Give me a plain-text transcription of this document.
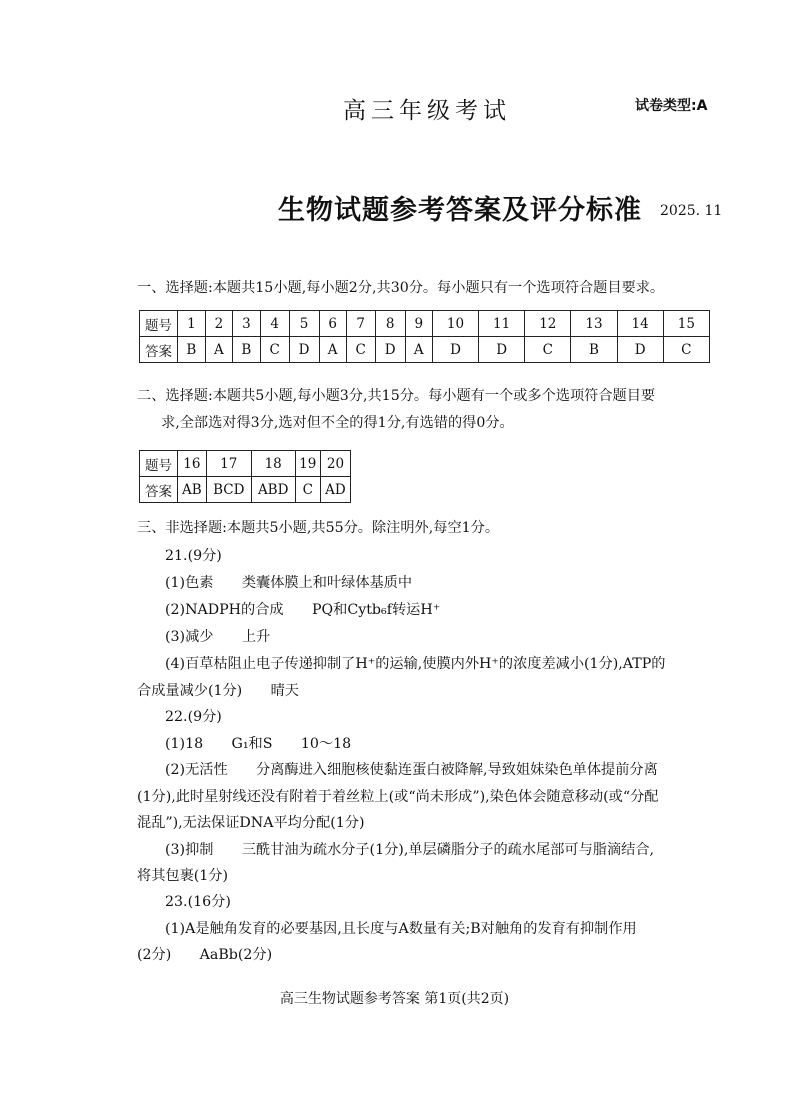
高三年级考试	试卷类型:A
生物试题参考答案及评分标准 2025. 11
一、选择题:本题共15小题,每小题2分,共30分。每小题只有一个选项符合题目要求。
题号	1	2	3	4	5	6	7	8	9	10	11	12	13	14	15
答案	B	A	B	C	D	A	C	D	A	D	D	C	B	D	C
二、选择题:本题共5小题,每小题3分,共15分。每小题有一个或多个选项符合题目要
求,全部选对得3分,选对但不全的得1分,有选错的得0分。
题号	16	17	18	19	20
答案	AB	BCD	ABD	C	AD
三、非选择题:本题共5小题,共55分。除注明外,每空1分。
21.(9分)
(1)色素　　类囊体膜上和叶绿体基质中
(2)NADPH的合成　　PQ和Cytb₆f转运H⁺
(3)减少　　上升
(4)百草枯阻止电子传递抑制了H⁺的运输,使膜内外H⁺的浓度差减小(1分),ATP的
合成量减少(1分)　　晴天
22.(9分)
(1)18　　G₁和S　　10～18
(2)无活性　　分离酶进入细胞核使黏连蛋白被降解,导致姐妹染色单体提前分离
(1分),此时星射线还没有附着于着丝粒上(或“尚未形成”),染色体会随意移动(或“分配
混乱”),无法保证DNA平均分配(1分)
(3)抑制　　三酰甘油为疏水分子(1分),单层磷脂分子的疏水尾部可与脂滴结合,
将其包裹(1分)
23.(16分)
(1)A是触角发育的必要基因,且长度与A数量有关;B对触角的发育有抑制作用
(2分)　　AaBb(2分)
高三生物试题参考答案 第1页(共2页)
